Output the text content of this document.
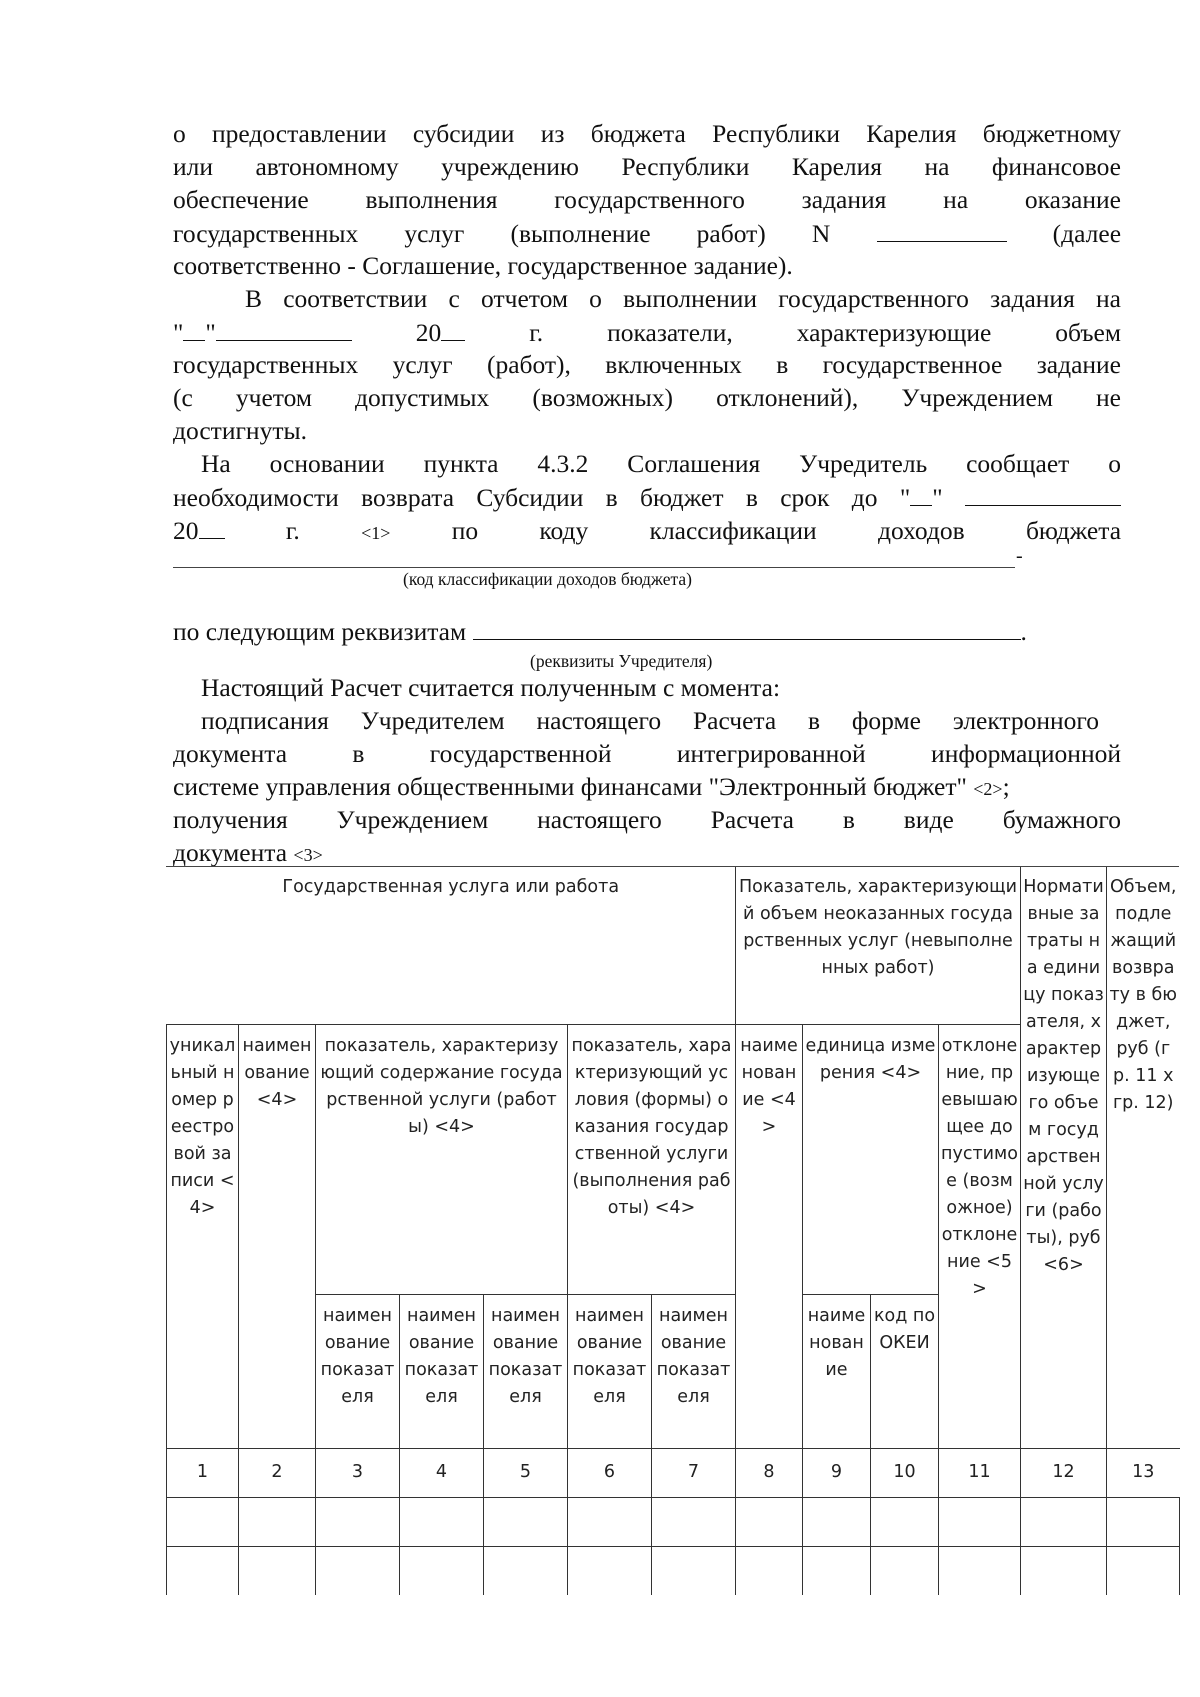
о предоставлении субсидии из бюджета Республики Карелия бюджетному
или автономному учреждению Республики Карелия на финансовое
обеспечение выполнения государственного задания на оказание
государственных услуг (выполнение работ) N	(далее
соответственно - Соглашение, государственное задание).
В соответствии с отчетом о выполнении государственного задания на
" "	20	г. показатели, характеризующие объем
государственных услуг (работ), включенных в государственное задание
(с учетом допустимых (возможных) отклонений), Учреждением не
достигнуты.
На основании пункта 4.3.2 Соглашения Учредитель сообщает о
необходимости возврата Субсидии в бюджет в срок до " "
20	г.	<1> по коду классификации доходов бюджета
-
(код классификации доходов бюджета)
по следующим реквизитам	.
(реквизиты Учредителя)
Настоящий Расчет считается полученным с момента:
подписания Учредителем настоящего Расчета в форме электронного
документа в государственной интегрированной информационной
системе управления общественными финансами "Электронный бюджет" <2>;
получения Учреждением настоящего Расчета в виде бумажного
документа <3>
Государственная услуга или работа							Показатель, характеризующий объем неоказанных государственных услуг (невыполненных работ)				Нормативные затраты на единицу показателя, характеризующего объем государственной услуги (работы), руб <6>	Объем, подлежащий возврату в бюджет, руб (гр. 11 x гр. 12)
уникальный номер реестровой записи <4>	наименование <4>	показатель, характеризующий содержание государственной услуги (работы) <4>			показатель, характеризующий условия (формы) оказания государственной услуги (выполнения работы) <4>		наименование <4>	единица измерения <4>		отклонение, превышающее допустимое (возможное) отклонение <5>		
		наименование показателя	наименование показателя	наименование показателя	наименование показателя	наименование показателя		наименование	код по ОКЕИ			
1	2	3	4	5	6	7	8	9	10	11	12	13
